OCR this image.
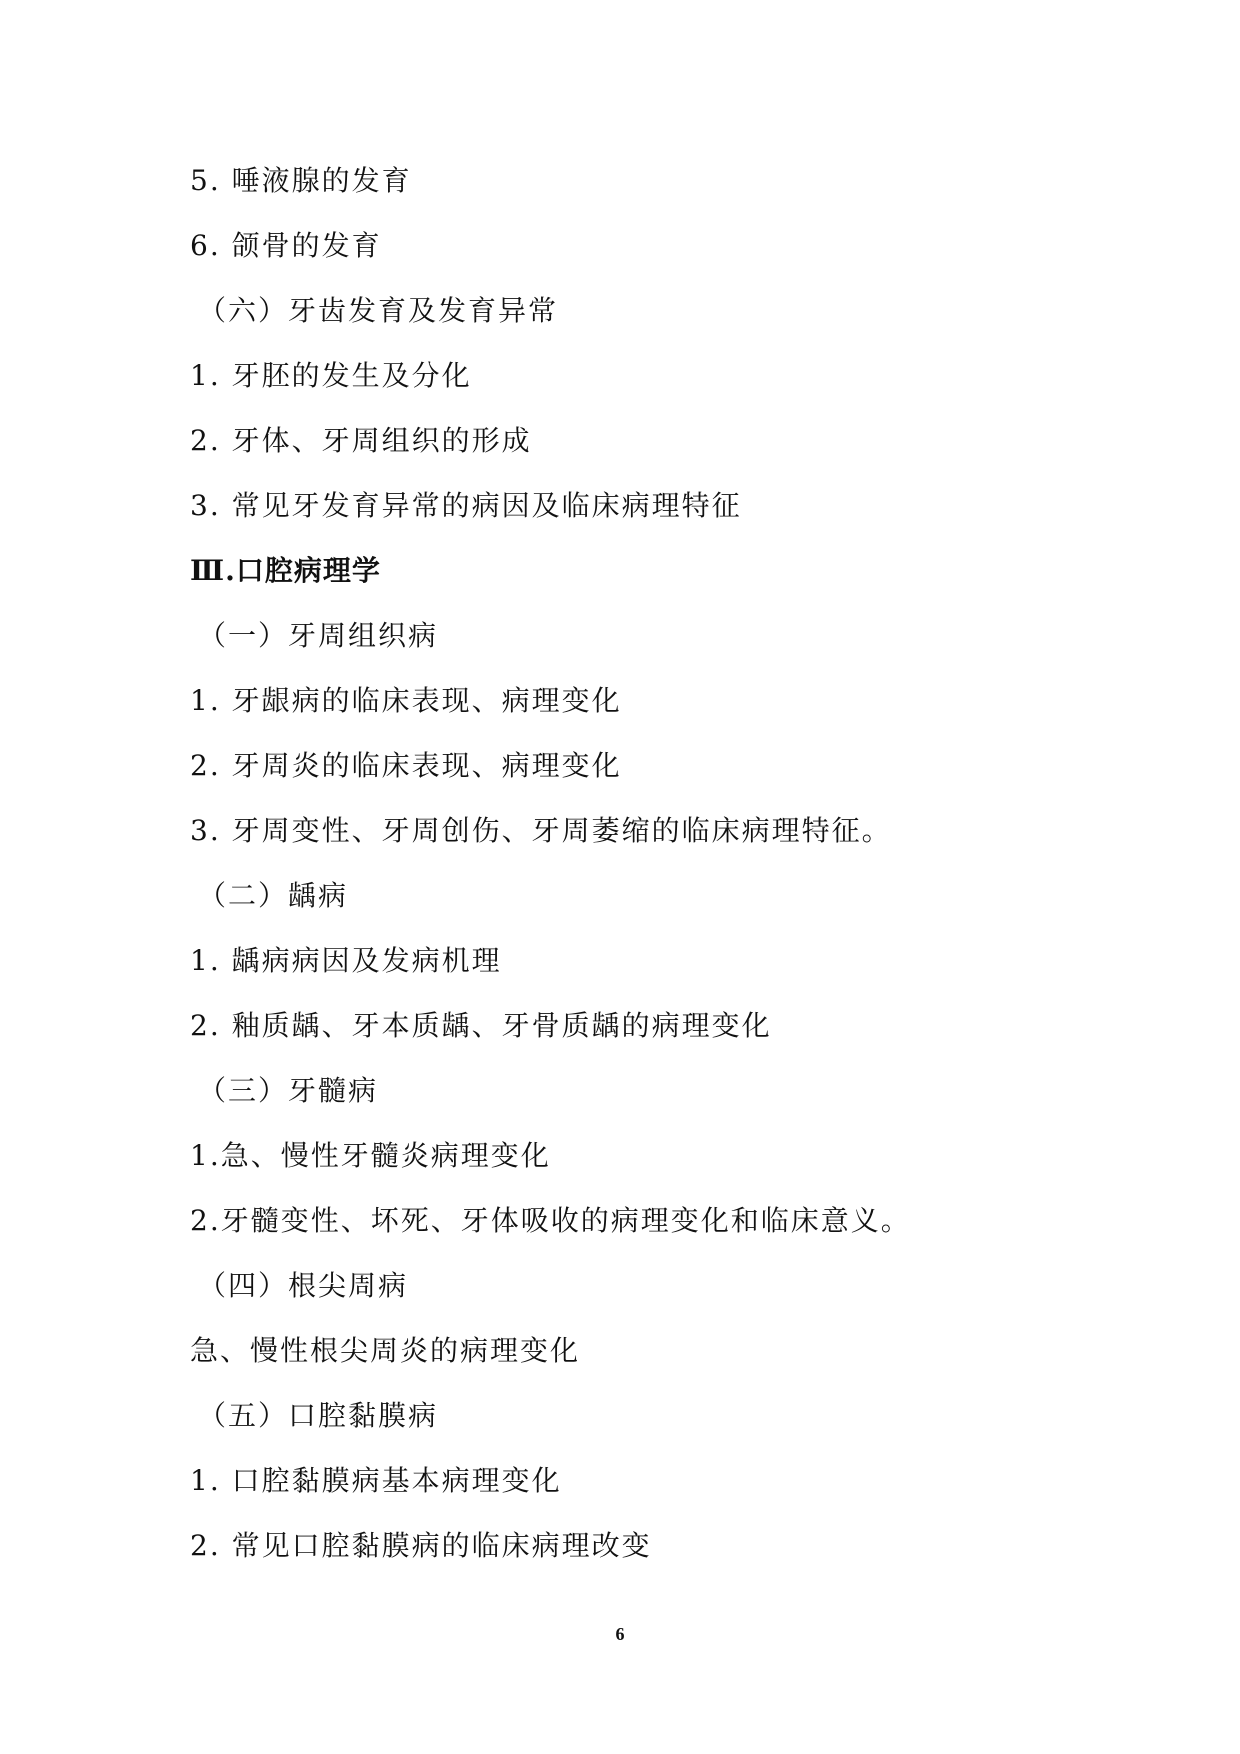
5. 唾液腺的发育
6. 颌骨的发育
（六）牙齿发育及发育异常
1. 牙胚的发生及分化
2. 牙体、牙周组织的形成
3. 常见牙发育异常的病因及临床病理特征
Ⅲ.口腔病理学
（一）牙周组织病
1. 牙龈病的临床表现、病理变化
2. 牙周炎的临床表现、病理变化
3. 牙周变性、牙周创伤、牙周萎缩的临床病理特征。
（二）龋病
1. 龋病病因及发病机理
2. 釉质龋、牙本质龋、牙骨质龋的病理变化
（三）牙髓病
1.急、慢性牙髓炎病理变化
2.牙髓变性、坏死、牙体吸收的病理变化和临床意义。
（四）根尖周病
急、慢性根尖周炎的病理变化
（五）口腔黏膜病
1. 口腔黏膜病基本病理变化
2. 常见口腔黏膜病的临床病理改变
6
